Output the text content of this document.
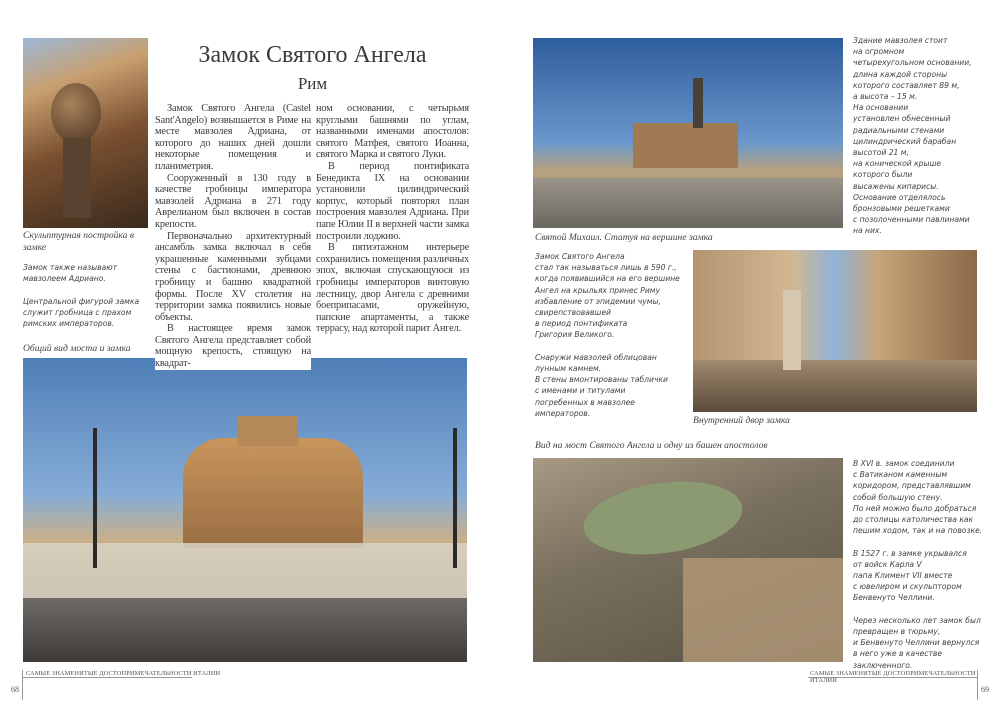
Замок Святого Ангела
Рим

Замок Святого Ангела (Castel Sant'Angelo) возвышается в Риме на месте мавзолея Адриана, от которого до наших дней дошли некоторые помещения и планиметрия.

Сооруженный в 130 году в качестве гробницы императора мавзолей Адриана в 271 году Аврелианом был включен в состав крепости.

Первоначально архитектурный ансамбль замка включал в себя украшенные каменными зубцами стены с бастионами, древнюю гробницу и башню квадратной формы. После XV столетия на территории замка появились новые объекты.

В настоящее время замок Святого Ангела представляет собой мощную крепость, стоящую на квадрат-

ном основании, с четырьмя круглыми башнями по углам, названными именами апостолов: святого Матфея, святого Иоанна, святого Марка и святого Луки.

В период понтификата Бенедикта IX на основании установили цилиндрический корпус, который повторял план построения мавзолея Адриана. При папе Юлии II в верхней части замка построили лоджию.

В пятиэтажном интерьере сохранились помещения различных эпох, включая спускающуюся из гробницы императоров винтовую лестницу, двор Ангела с древними боеприпасами, оружейную, папские апартаменты, а также террасу, над которой парит Ангел.

Скульптурная постройка в замке
Замок также называют
мавзолеем Адриано.
Центральной фигурой замка
служит гробница с прахом
римских императоров.
Общий вид моста и замка
САМЫЕ ЗНАМЕНИТЫЕ ДОСТОПРИМЕЧАТЕЛЬНОСТИ ИТАЛИИ
68
Здание мавзолея стоит
на огромном
четырехугольном основании,
длина каждой стороны
которого составляет 89 м,
а высота – 15 м.
На основании
установлен обнесенный
радиальными стенами
цилиндрический барабан
высотой 21 м,
на конической крыше
которого были
высажены кипарисы.
Основание отделялось
бронзовыми решетками
с позолоченными павлинами
на них.
Святой Михаил. Статуя на вершине замка
Замок Святого Ангела
стал так называться лишь в 590 г.,
когда появившийся на его вершине
Ангел на крыльях принес Риму
избавление от эпидемии чумы,
свирепствовавшей
в период понтификата
Григория Великого.

Снаружи мавзолей облицован
лунным камнем.
В стены вмонтированы таблички
с именами и титулами
погребенных в мавзолее
императоров.
Внутренний двор замка
Вид на мост Святого Ангела и одну из башен апостолов
В XVI в. замок соединили
с Ватиканом каменным
коридором, представлявшим
собой большую стену.
По ней можно было добраться
до столицы католичества как
пешим ходом, так и на повозке.

В 1527 г. в замке укрывался
от войск Карла V
папа Климент VII вместе
с ювелиром и скульптором
Бенвенуто Челлини.

Через несколько лет замок был
превращен в тюрьму,
и Бенвенуто Челлини вернулся
в него уже в качестве
заключенного.
САМЫЕ ЗНАМЕНИТЫЕ ДОСТОПРИМЕЧАТЕЛЬНОСТИ ИТАЛИИ
69
